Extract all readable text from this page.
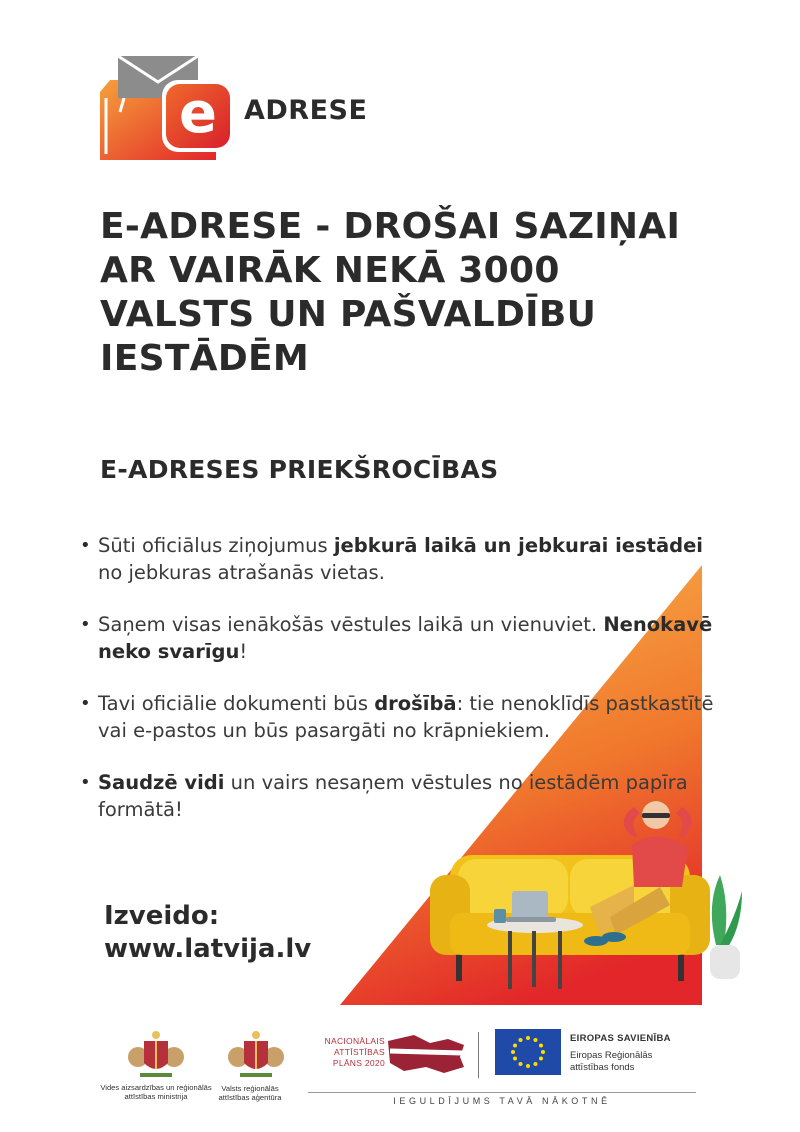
e ADRESE
E-ADRESE - DROŠAI SAZIŅAI
AR VAIRĀK NEKĀ 3000
VALSTS UN PAŠVALDĪBU
IESTĀDĒM
E-ADRESES PRIEKŠROCĪBAS
• Sūti oficiālus ziņojumus jebkurā laikā un jebkurai iestādei no jebkuras atrašanās vietas.
• Saņem visas ienākošās vēstules laikā un vienuviet. Nenokavē neko svarīgu!
• Tavi oficiālie dokumenti būs drošībā: tie nenoklīdīs pastkastītē vai e-pastos un būs pasargāti no krāpniekiem.
• Saudzē vidi un vairs nesaņem vēstules no iestādēm papīra formātā!
Izveido:
www.latvija.lv
Vides aizsardzības un reģionālās attīstības ministrija
Valsts reģionālās attīstības aģentūra
NACIONĀLAIS
ATTĪSTĪBAS
PLĀNS 2020
EIROPAS SAVIENĪBA
Eiropas Reģionālās attīstības fonds
IEGULDĪJUMS TAVĀ NĀKOTNĒ
